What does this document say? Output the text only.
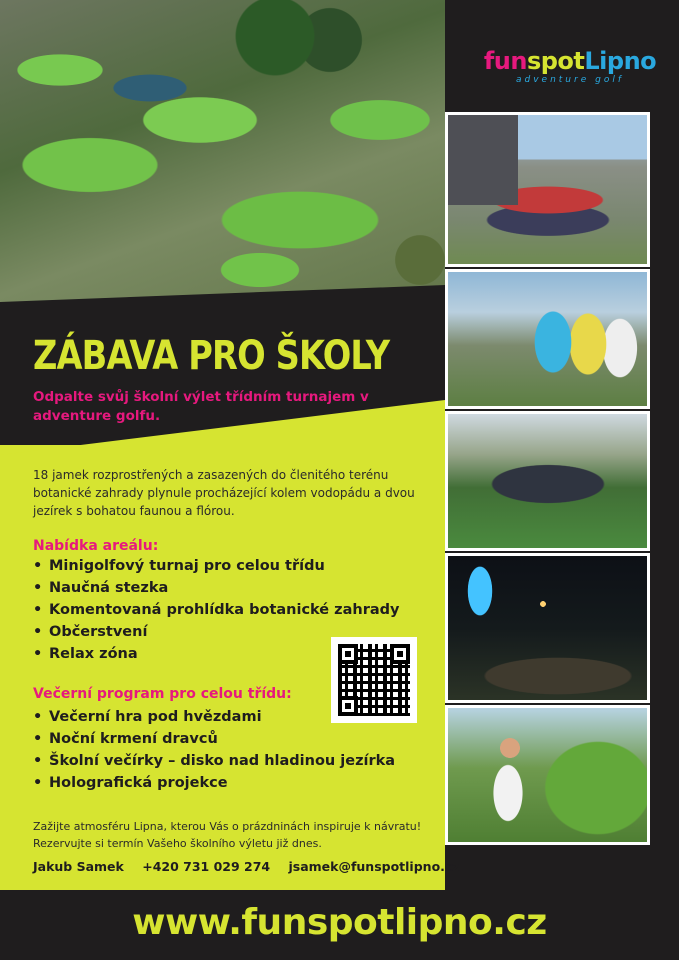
funspotLipno
adventure golf
ZÁBAVA PRO ŠKOLY
Odpalte svůj školní výlet třídním turnajem v adventure golfu.
18 jamek rozprostřených a zasazených do členitého terénu botanické zahrady plynule procházející kolem vodopádu a dvou jezírek s bohatou faunou a flórou.
Nabídka areálu:
• Minigolfový turnaj pro celou třídu
• Naučná stezka
• Komentovaná prohlídka botanické zahrady
• Občerstvení
• Relax zóna
Večerní program pro celou třídu:
• Večerní hra pod hvězdami
• Noční krmení dravců
• Školní večírky – disko nad hladinou jezírka
• Holografická projekce
Zažijte atmosféru Lipna, kterou Vás o prázdninách inspiruje k návratu!
Rezervujte si termín Vašeho školního výletu již dnes.
Jakub Samek +420 731 029 274 jsamek@funspotlipno.cz
www.funspotlipno.cz
